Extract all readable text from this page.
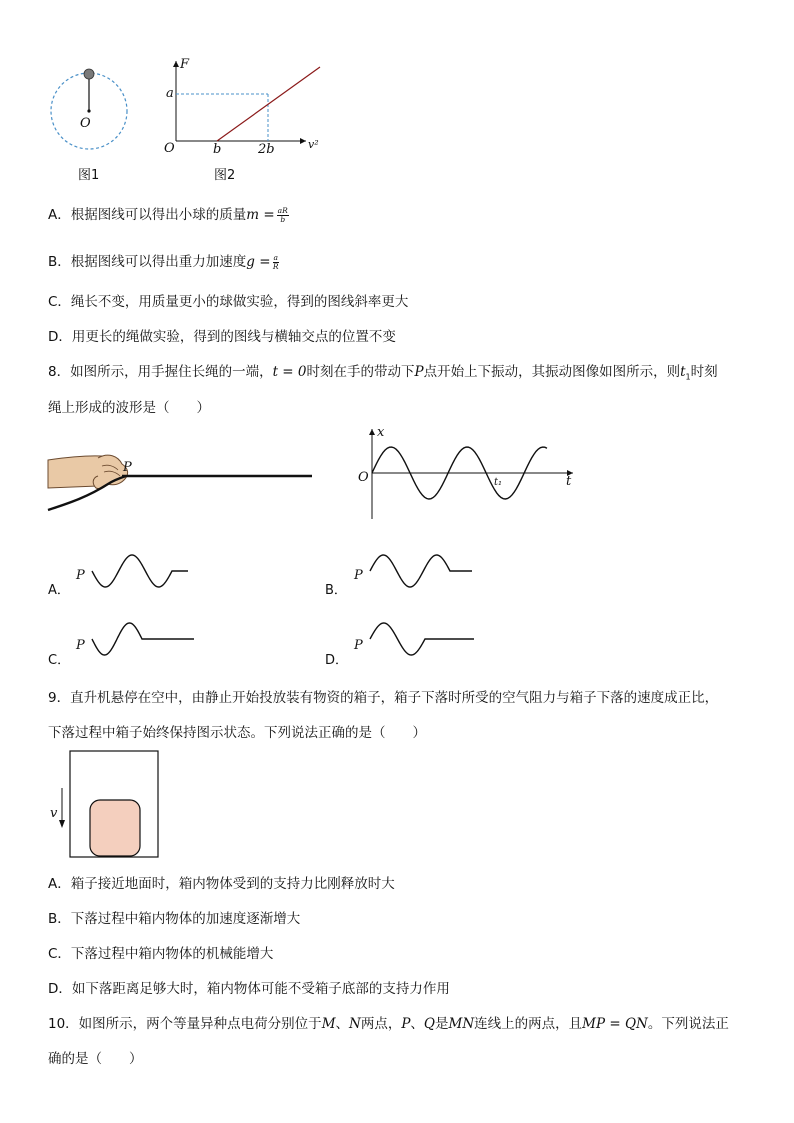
O
图1
F
v²
O
a
b	2b
图2
A．根据图线可以得出小球的质量$m = \frac{aR}{b}$
B．根据图线可以得出重力加速度$g = \frac{a}{R}$
C．绳长不变，用质量更小的球做实验，得到的图线斜率更大
D．用更长的绳做实验，得到的图线与横轴交点的位置不变
8．如图所示，用手握住长绳的一端，t = 0时刻在手的带动下P点开始上下振动，其振动图像如图所示，则$t_1$时刻
绳上形成的波形是（　　）
P
x
t
O	t₁
A．
P
B．
P
C．
P
D．
P
9．直升机悬停在空中，由静止开始投放装有物资的箱子，箱子下落时所受的空气阻力与箱子下落的速度成正比，
下落过程中箱子始终保持图示状态。下列说法正确的是（　　）
v
A．箱子接近地面时，箱内物体受到的支持力比刚释放时大
B．下落过程中箱内物体的加速度逐渐增大
C．下落过程中箱内物体的机械能增大
D．如下落距离足够大时，箱内物体可能不受箱子底部的支持力作用
10．如图所示，两个等量异种点电荷分别位于M、N两点，P、Q是MN连线上的两点，且MP = QN。下列说法正
确的是（　　）
